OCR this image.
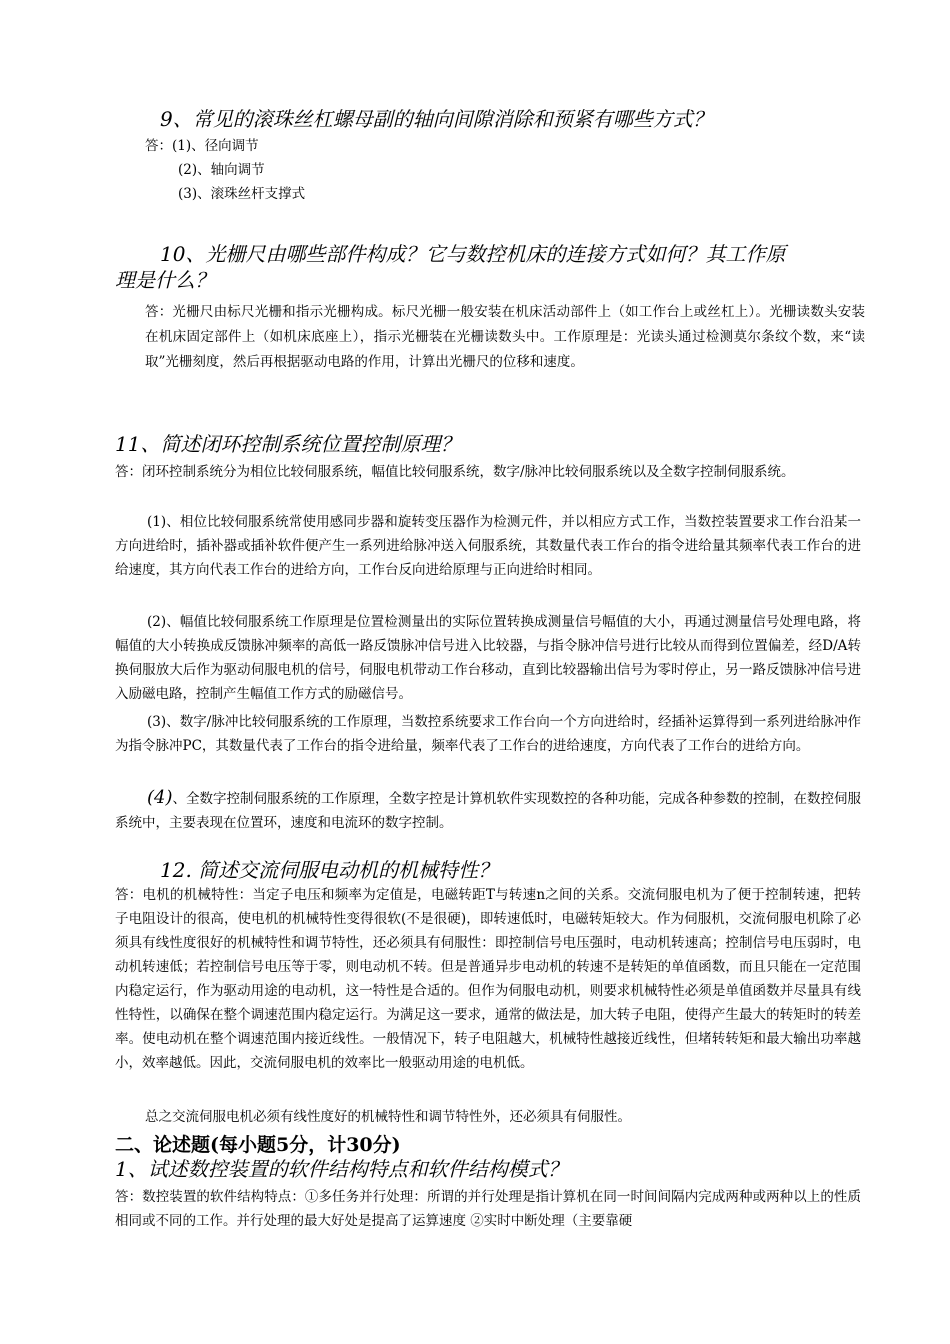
9、常见的滚珠丝杠螺母副的轴向间隙消除和预紧有哪些方式？

答：(1)、径向调节

(2)、轴向调节

(3)、滚珠丝杆支撑式

10、光栅尺由哪些部件构成？它与数控机床的连接方式如何？其工作原
理是什么？

答：光栅尺由标尺光栅和指示光栅构成。标尺光栅一般安装在机床活动部件上（如工作台上或丝杠上）。光栅读数头安装在机床固定部件上（如机床底座上），指示光栅装在光栅读数头中。工作原理是：光读头通过检测莫尔条纹个数，来“读取”光栅刻度，然后再根据驱动电路的作用，计算出光栅尺的位移和速度。

11、简述闭环控制系统位置控制原理？

答：闭环控制系统分为相位比较伺服系统，幅值比较伺服系统，数字/脉冲比较伺服系统以及全数字控制伺服系统。

(1)、相位比较伺服系统常使用感同步器和旋转变压器作为检测元件，并以相应方式工作，当数控装置要求工作台沿某一方向进给时，插补器或插补软件便产生一系列进给脉冲送入伺服系统，其数量代表工作台的指令进给量其频率代表工作台的进给速度，其方向代表工作台的进给方向，工作台反向进给原理与正向进给时相同。

(2)、幅值比较伺服系统工作原理是位置检测量出的实际位置转换成测量信号幅值的大小，再通过测量信号处理电路，将幅值的大小转换成反馈脉冲频率的高低一路反馈脉冲信号进入比较器，与指令脉冲信号进行比较从而得到位置偏差，经D/A转换伺服放大后作为驱动伺服电机的信号，伺服电机带动工作台移动，直到比较器输出信号为零时停止，另一路反馈脉冲信号进入励磁电路，控制产生幅值工作方式的励磁信号。

(3)、数字/脉冲比较伺服系统的工作原理，当数控系统要求工作台向一个方向进给时，经插补运算得到一系列进给脉冲作为指令脉冲PC，其数量代表了工作台的指令进给量，频率代表了工作台的进给速度，方向代表了工作台的进给方向。

(4)、全数字控制伺服系统的工作原理，全数字控是计算机软件实现数控的各种功能，完成各种参数的控制，在数控伺服系统中，主要表现在位置环，速度和电流环的数字控制。

12. 简述交流伺服电动机的机械特性？

答：电机的机械特性：当定子电压和频率为定值是，电磁转距T与转速n之间的关系。交流伺服电机为了便于控制转速，把转子电阻设计的很高，使电机的机械特性变得很软(不是很硬)，即转速低时，电磁转矩较大。作为伺服机，交流伺服电机除了必须具有线性度很好的机械特性和调节特性，还必须具有伺服性：即控制信号电压强时，电动机转速高；控制信号电压弱时，电动机转速低；若控制信号电压等于零，则电动机不转。但是普通异步电动机的转速不是转矩的单值函数，而且只能在一定范围内稳定运行，作为驱动用途的电动机，这一特性是合适的。但作为伺服电动机，则要求机械特性必须是单值函数并尽量具有线性特性，以确保在整个调速范围内稳定运行。为满足这一要求，通常的做法是，加大转子电阻，使得产生最大的转矩时的转差率。使电动机在整个调速范围内接近线性。一般情况下，转子电阻越大，机械特性越接近线性，但堵转转矩和最大输出功率越小，效率越低。因此，交流伺服电机的效率比一般驱动用途的电机低。

总之交流伺服电机必须有线性度好的机械特性和调节特性外，还必须具有伺服性。

二、论述题(每小题5分，计30分)
1、试述数控装置的软件结构特点和软件结构模式？

答：数控装置的软件结构特点：①多任务并行处理：所谓的并行处理是指计算机在同一时间间隔内完成两种或两种以上的性质相同或不同的工作。并行处理的最大好处是提高了运算速度 ②实时中断处理（主要靠硬
